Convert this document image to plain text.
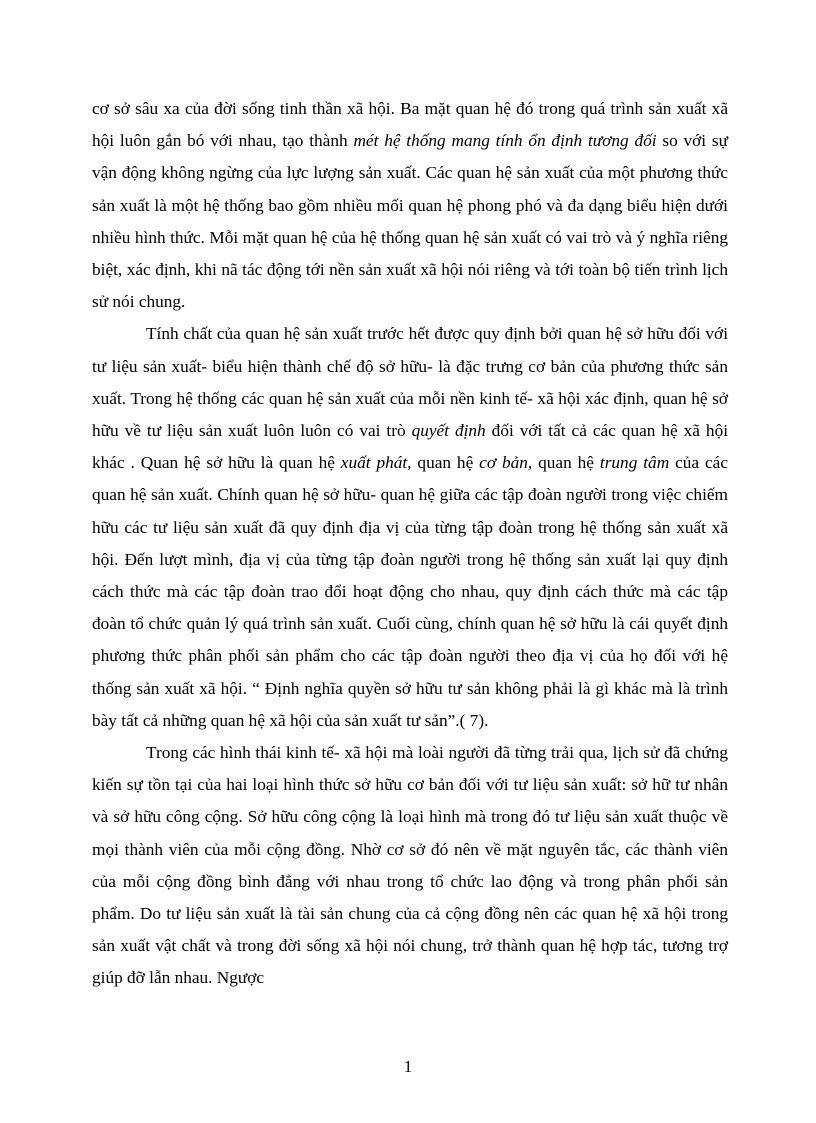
cơ sở sâu xa của đời sống tinh thần xã hội. Ba mặt quan hệ đó trong quá trình sản xuất xã hội luôn gắn bó với nhau, tạo thành mét hệ thống mang tính ổn định tương đối so với sự vận động không ngừng của lực lượng sản xuất. Các quan hệ sản xuất của một phương thức sản xuất là một hệ thống bao gồm nhiều mối quan hệ phong phó và đa dạng biểu hiện dưới nhiều hình thức. Mỗi mặt quan hệ của hệ thống quan hệ sản xuất có vai trò và ý nghĩa riêng biệt, xác định, khi nã tác động tới nền sản xuất xã hội nói riêng và tới toàn bộ tiến trình lịch sử nói chung.

Tính chất của quan hệ sản xuất trước hết được quy định bởi quan hệ sở hữu đối với tư liệu sản xuất- biểu hiện thành chế độ sở hữu- là đặc trưng cơ bản của phương thức sản xuất. Trong hệ thống các quan hệ sản xuất của mỗi nền kinh tế- xã hội xác định, quan hệ sở hữu về tư liệu sản xuất luôn luôn có vai trò quyết định đối với tất cả các quan hệ xã hội khác . Quan hệ sở hữu là quan hệ xuất phát, quan hệ cơ bản, quan hệ trung tâm của các quan hệ sản xuất. Chính quan hệ sở hữu- quan hệ giữa các tập đoàn người trong việc chiếm hữu các tư liệu sản xuất đã quy định địa vị của từng tập đoàn trong hệ thống sản xuất xã hội. Đến lượt mình, địa vị của từng tập đoàn người trong hệ thống sản xuất lại quy định cách thức mà các tập đoàn trao đổi hoạt động cho nhau, quy định cách thức mà các tập đoàn tổ chức quản lý quá trình sản xuất. Cuối cùng, chính quan hệ sở hữu là cái quyết định phương thức phân phối sản phẩm cho các tập đoàn người theo địa vị của họ đối với hệ thống sản xuất xã hội. “ Định nghĩa quyền sở hữu tư sản không phải là gì khác mà là trình bày tất cả những quan hệ xã hội của sản xuất tư sản”.( 7).

Trong các hình thái kinh tế- xã hội mà loài người đã từng trải qua, lịch sử đã chứng kiến sự tồn tại của hai loại hình thức sở hữu cơ bản đối với tư liệu sản xuất: sở hữ tư nhân và sở hữu công cộng. Sở hữu công cộng là loại hình mà trong đó tư liệu sản xuất thuộc về mọi thành viên của mỗi cộng đồng. Nhờ cơ sở đó nên về mặt nguyên tắc, các thành viên của mỗi cộng đồng bình đẳng với nhau trong tổ chức lao động và trong phân phối sản phẩm. Do tư liệu sản xuất là tài sản chung của cả cộng đồng nên các quan hệ xã hội trong sản xuất vật chất và trong đời sống xã hội nói chung, trở thành quan hệ hợp tác, tương trợ giúp đỡ lẫn nhau. Ngược

1
